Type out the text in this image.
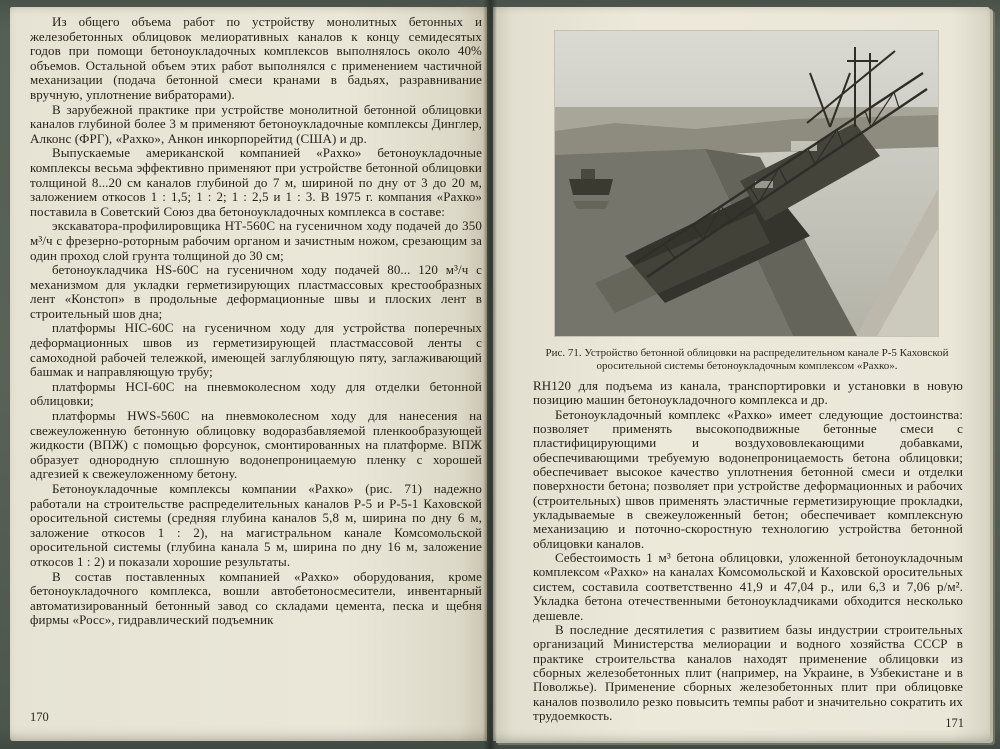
Из общего объема работ по устройству монолитных бетонных и железобетонных облицовок мелиоративных каналов к концу семидесятых годов при помощи бетоноукладочных комплексов выполнялось около 40% объемов. Остальной объем этих работ выполнялся с применением частичной механизации (подача бетонной смеси кранами в бадьях, разравнивание вручную, уплотнение вибраторами).

В зарубежной практике при устройстве монолитной бетонной облицовки каналов глубиной более 3 м применяют бетоноукладочные комплексы Динглер, Алконс (ФРГ), «Рахко», Анкон инкорпорейтид (США) и др.

Выпускаемые американской компанией «Рахко» бетоноукладочные комплексы весьма эффективно применяют при устройстве бетонной облицовки толщиной 8...20 см каналов глубиной до 7 м, шириной по дну от 3 до 20 м, заложением откосов 1 : 1,5; 1 : 2; 1 : 2,5 и 1 : 3. В 1975 г. компания «Рахко» поставила в Советский Союз два бетоноукладочных комплекса в составе:

экскаватора-профилировщика НТ-560С на гусеничном ходу подачей до 350 м³/ч с фрезерно-роторным рабочим органом и зачистным ножом, срезающим за один проход слой грунта толщиной до 30 см;

бетоноукладчика HS-60C на гусеничном ходу подачей 80... 120 м³/ч с механизмом для укладки герметизирующих пластмассовых крестообразных лент «Констоп» в продольные деформационные швы и плоских лент в строительный шов дна;

платформы HIC-60C на гусеничном ходу для устройства поперечных деформационных швов из герметизирующей пластмассовой ленты с самоходной рабочей тележкой, имеющей заглубляющую пяту, заглаживающий башмак и направляющую трубу;

платформы HCI-60C на пневмоколесном ходу для отделки бетонной облицовки;

платформы HWS-560C на пневмоколесном ходу для нанесения на свежеуложенную бетонную облицовку водоразбавляемой пленкообразующей жидкости (ВПЖ) с помощью форсунок, смонтированных на платформе. ВПЖ образует однородную сплошную водонепроницаемую пленку с хорошей адгезией к свежеуложенному бетону.

Бетоноукладочные комплексы компании «Рахко» (рис. 71) надежно работали на строительстве распределительных каналов Р-5 и Р-5-1 Каховской оросительной системы (средняя глубина каналов 5,8 м, ширина по дну 6 м, заложение откосов 1 : 2), на магистральном канале Комсомольской оросительной системы (глубина канала 5 м, ширина по дну 16 м, заложение откосов 1 : 2) и показали хорошие результаты.

В состав поставленных компанией «Рахко» оборудования, кроме бетоноукладочного комплекса, вошли автобетоносмесители, инвентарный автоматизированный бетонный завод со складами цемента, песка и щебня фирмы «Росс», гидравлический подъемник

170
Рис. 71. Устройство бетонной облицовки на распределительном канале Р-5 Каховской оросительной системы бетоноукладочным комплексом «Рахко».

RH120 для подъема из канала, транспортировки и установки в новую позицию машин бетоноукладочного комплекса и др.

Бетоноукладочный комплекс «Рахко» имеет следующие достоинства: позволяет применять высокоподвижные бетонные смеси с пластифицирующими и воздухововлекающими добавками, обеспечивающими требуемую водонепроницаемость бетона облицовки; обеспечивает высокое качество уплотнения бетонной смеси и отделки поверхности бетона; позволяет при устройстве деформационных и рабочих (строительных) швов применять эластичные герметизирующие прокладки, укладываемые в свежеуложенный бетон; обеспечивает комплексную механизацию и поточно-скоростную технологию устройства бетонной облицовки каналов.

Себестоимость 1 м³ бетона облицовки, уложенной бетоноукладочным комплексом «Рахко» на каналах Комсомольской и Каховской оросительных систем, составила соответственно 41,9 и 47,04 р., или 6,3 и 7,06 р/м². Укладка бетона отечественными бетоноукладчиками обходится несколько дешевле.

В последние десятилетия с развитием базы индустрии строительных организаций Министерства мелиорации и водного хозяйства СССР в практике строительства каналов находят применение облицовки из сборных железобетонных плит (например, на Украине, в Узбекистане и в Поволжье). Применение сборных железобетонных плит при облицовке каналов позволило резко повысить темпы работ и значительно сократить их трудоемкость.

171
